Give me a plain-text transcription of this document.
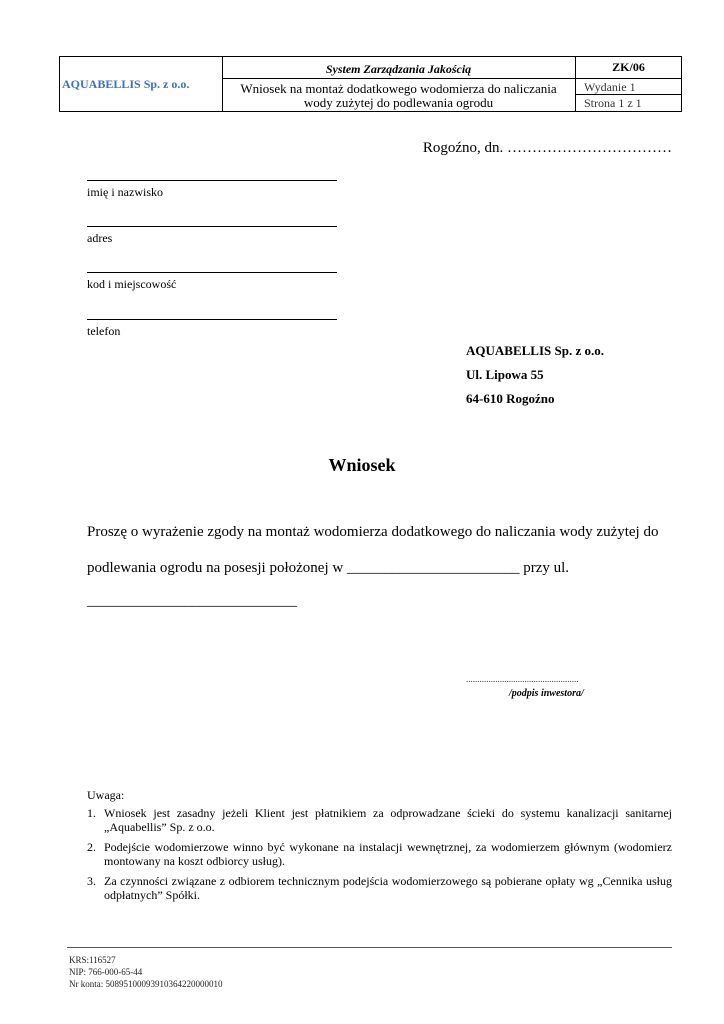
AQUABELLIS Sp. z o.o.
System Zarządzania Jakością
Wniosek na montaż dodatkowego wodomierza do naliczania
wody zużytej do podlewania ogrodu
ZK/06
Wydanie 1
Strona 1 z 1
Rogoźno, dn. ……………………………
imię i nazwisko
adres
kod i miejscowość
telefon
AQUABELLIS Sp. z o.o.
Ul. Lipowa 55
64-610 Rogoźno
Wniosek
Proszę o wyrażenie zgody na montaż wodomierza dodatkowego do naliczania wody zużytej do
podlewania ogrodu na posesji położonej w _______________________ przy ul.
____________________________
..................................................
/podpis inwestora/
Uwaga:
1. Wniosek jest zasadny jeżeli Klient jest płatnikiem za odprowadzane ścieki do systemu kanalizacji sanitarnej „Aquabellis” Sp. z o.o.
2. Podejście wodomierzowe winno być wykonane na instalacji wewnętrznej, za wodomierzem głównym (wodomierz montowany na koszt odbiorcy usług).
3. Za czynności związane z odbiorem technicznym podejścia wodomierzowego są pobierane opłaty wg „Cennika usług odpłatnych” Spółki.
KRS:116527
NIP: 766-000-65-44
Nr konta: 50895100093910364220000010
